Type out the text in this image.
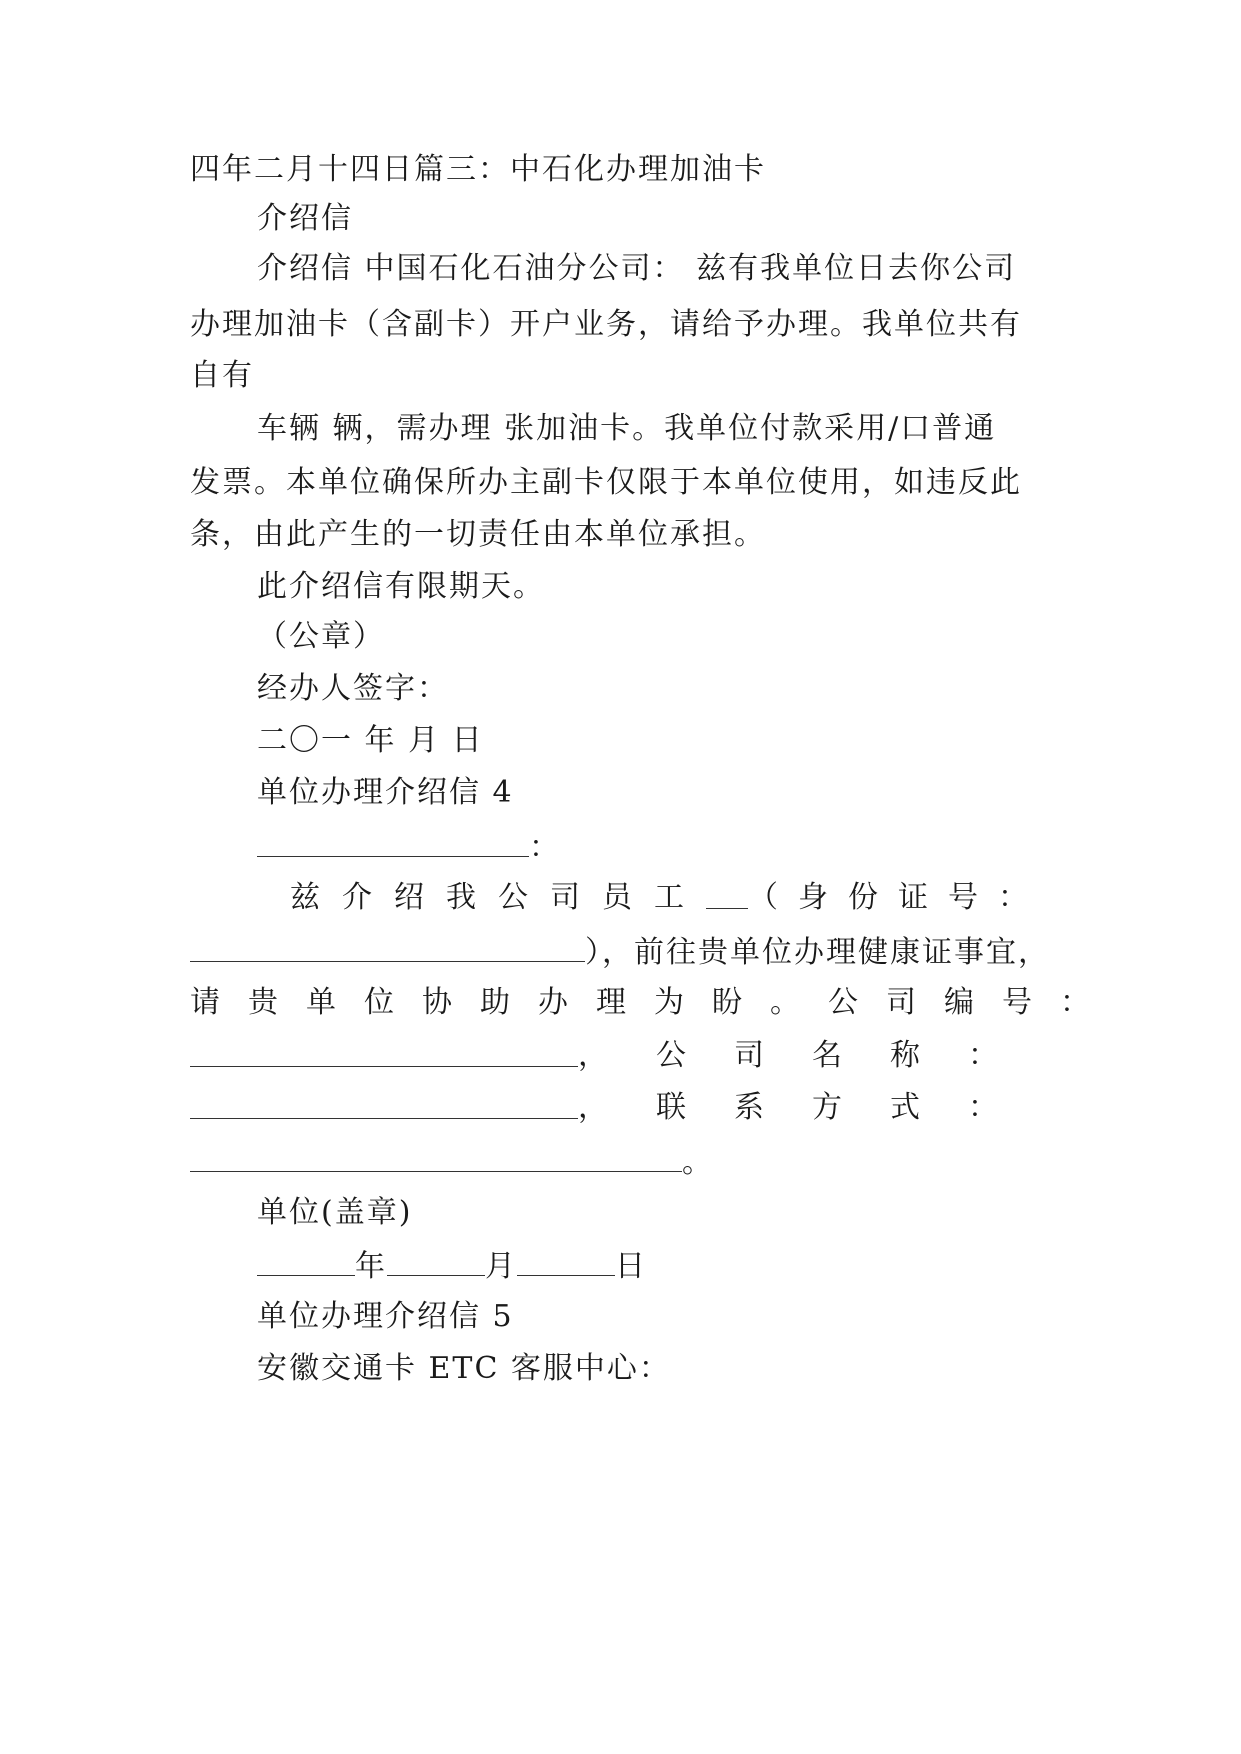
四年二月十四日篇三：中石化办理加油卡
介绍信
介绍信 中国石化石油分公司： 兹有我单位日去你公司
办理加油卡（含副卡）开户业务，请给予办理。我单位共有
自有
车辆 辆，需办理 张加油卡。我单位付款采用/口普通
发票。本单位确保所办主副卡仅限于本单位使用，如违反此
条，由此产生的一切责任由本单位承担。
此介绍信有限期天。
（公章）
经办人签字：
二〇一 年 月 日
单位办理介绍信 4
：
兹介绍我公司员工 （身份证号：
），前往贵单位办理健康证事宜，
请贵单位协助办理为盼。公司编号：
，公司名称：
，联系方式：
。
单位(盖章)
年	月	日
单位办理介绍信 5
安徽交通卡 ETC 客服中心：
